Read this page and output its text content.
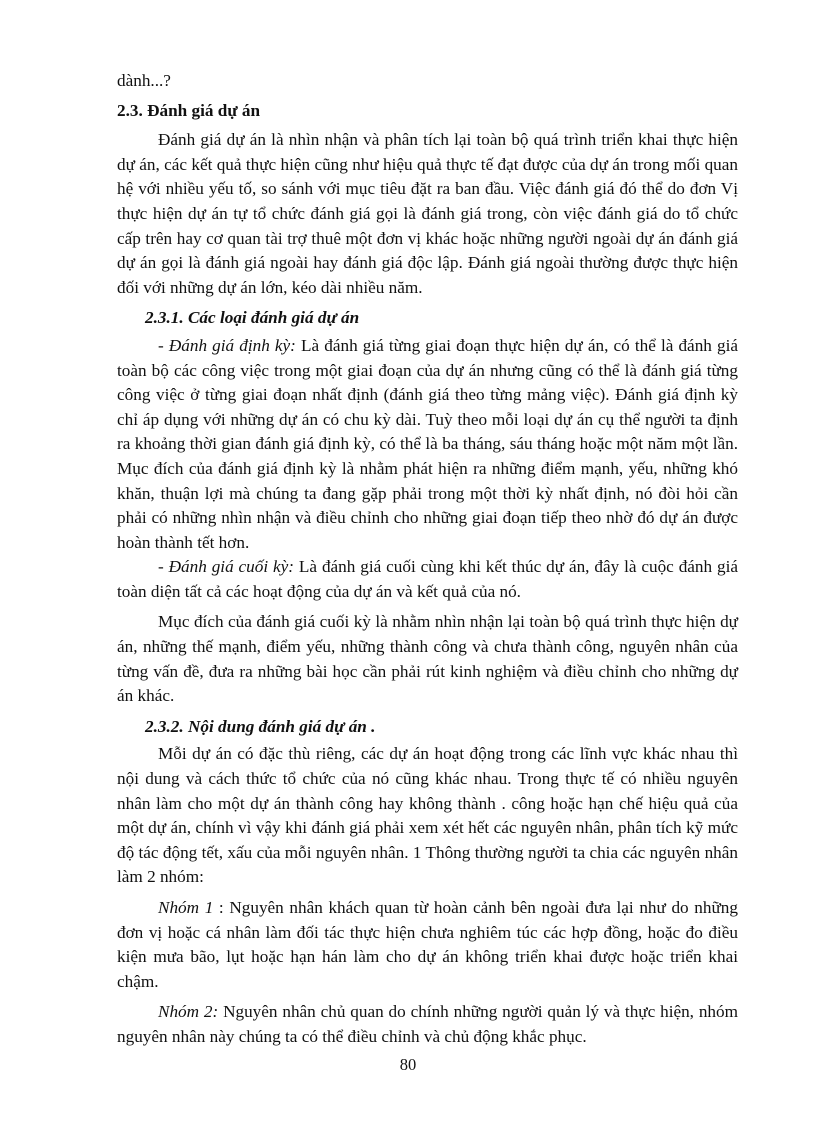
dành...?

2.3. Đánh giá dự án

Đánh giá dự án là nhìn nhận và phân tích lại toàn bộ quá trình triển khai thực hiện dự án, các kết quả thực hiện cũng như hiệu quả thực tế đạt được của dự án trong mối quan hệ với nhiều yếu tố, so sánh với mục tiêu đặt ra ban đầu. Việc đánh giá đó thể do đơn Vị thực hiện dự án tự tổ chức đánh giá gọi là đánh giá trong, còn việc đánh giá do tổ chức cấp trên hay cơ quan tài trợ thuê một đơn vị khác hoặc những người ngoài dự án đánh giá dự án gọi là đánh giá ngoài hay đánh giá độc lập. Đánh giá ngoài thường được thực hiện đối với những dự án lớn, kéo dài nhiều năm.

2.3.1. Các loại đánh giá dự án

- Đánh giá định kỳ: Là đánh giá từng giai đoạn thực hiện dự án, có thể là đánh giá toàn bộ các công việc trong một giai đoạn của dự án nhưng cũng có thể là đánh giá từng công việc ở từng giai đoạn nhất định (đánh giá theo từng mảng việc). Đánh giá định kỳ chỉ áp dụng với những dự án có chu kỳ dài. Tuỳ theo mỗi loại dự án cụ thể người ta định ra khoảng thời gian đánh giá định kỳ, có thể là ba tháng, sáu tháng hoặc một năm một lần. Mục đích của đánh giá định kỳ là nhằm phát hiện ra những điểm mạnh, yếu, những khó khăn, thuận lợi mà chúng ta đang gặp phải trong một thời kỳ nhất định, nó đòi hỏi cần phải có những nhìn nhận và điều chỉnh cho những giai đoạn tiếp theo nhờ đó dự án được hoàn thành tết hơn.

- Đánh giá cuối kỳ: Là đánh giá cuối cùng khi kết thúc dự án, đây là cuộc đánh giá toàn diện tất cả các hoạt động của dự án và kết quả của nó.

Mục đích của đánh giá cuối kỳ là nhằm nhìn nhận lại toàn bộ quá trình thực hiện dự án, những thế mạnh, điểm yếu, những thành công và chưa thành công, nguyên nhân của từng vấn đề, đưa ra những bài học cần phải rút kinh nghiệm và điều chỉnh cho những dự án khác.

2.3.2. Nội dung đánh giá dự án .

Mỗi dự án có đặc thù riêng, các dự án hoạt động trong các lĩnh vực khác nhau thì nội dung và cách thức tổ chức của nó cũng khác nhau. Trong thực tế có nhiều nguyên nhân làm cho một dự án thành công hay không thành . công hoặc hạn chế hiệu quả của một dự án, chính vì vậy khi đánh giá phải xem xét hết các nguyên nhân, phân tích kỹ mức độ tác động tết, xấu của mỗi nguyên nhân. 1 Thông thường người ta chia các nguyên nhân làm 2 nhóm:

Nhóm 1 : Nguyên nhân khách quan từ hoàn cảnh bên ngoài đưa lại như do những đơn vị hoặc cá nhân làm đối tác thực hiện chưa nghiêm túc các hợp đồng, hoặc đo điều kiện mưa bão, lụt hoặc hạn hán làm cho dự án không triển khai được hoặc triển khai chậm.

Nhóm 2: Nguyên nhân chủ quan do chính những người quản lý và thực hiện, nhóm nguyên nhân này chúng ta có thể điều chỉnh và chủ động khắc phục.

80
